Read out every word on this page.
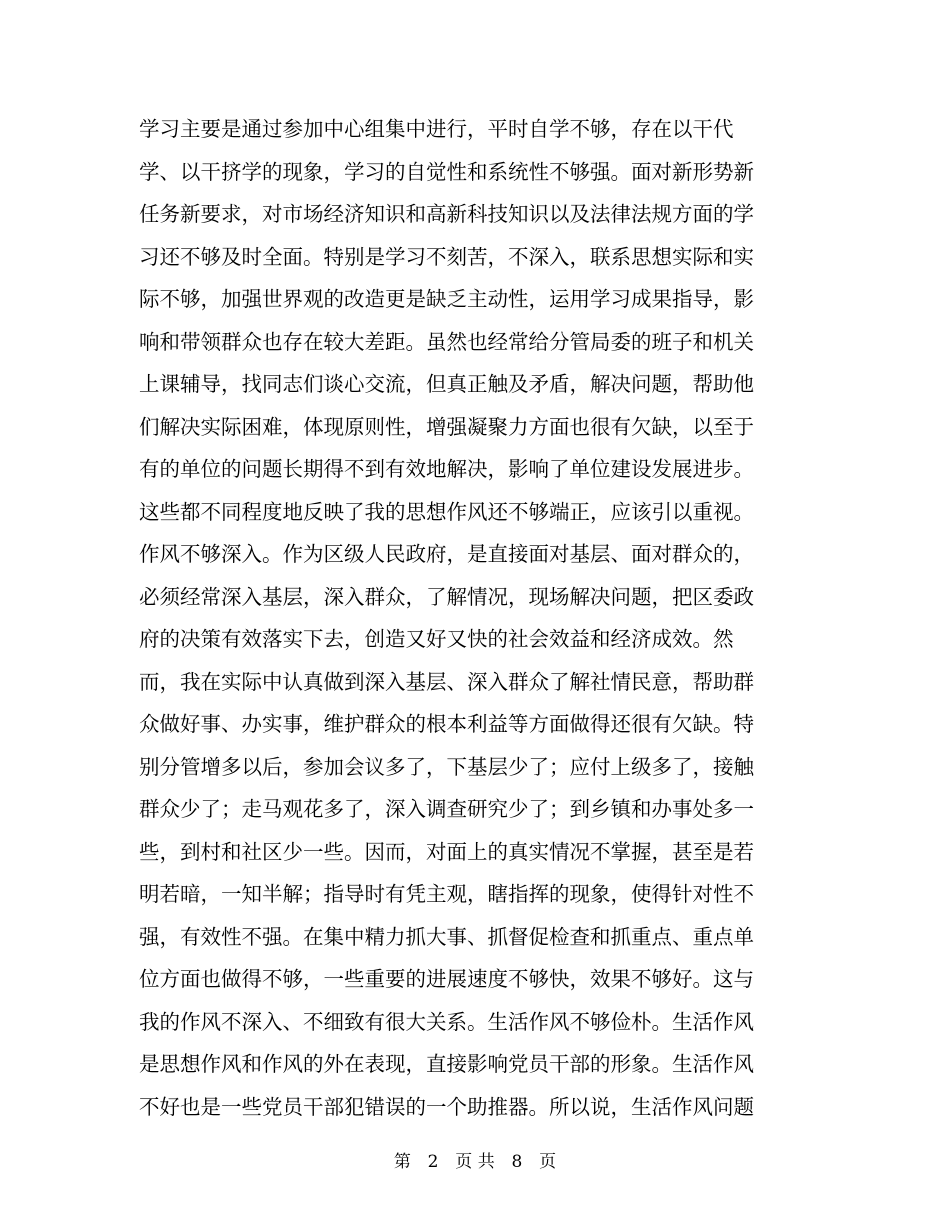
学习主要是通过参加中心组集中进行，平时自学不够，存在以干代
学、以干挤学的现象，学习的自觉性和系统性不够强。面对新形势新
任务新要求，对市场经济知识和高新科技知识以及法律法规方面的学
习还不够及时全面。特别是学习不刻苦，不深入，联系思想实际和实
际不够，加强世界观的改造更是缺乏主动性，运用学习成果指导，影
响和带领群众也存在较大差距。虽然也经常给分管局委的班子和机关
上课辅导，找同志们谈心交流，但真正触及矛盾，解决问题，帮助他
们解决实际困难，体现原则性，增强凝聚力方面也很有欠缺，以至于
有的单位的问题长期得不到有效地解决，影响了单位建设发展进步。
这些都不同程度地反映了我的思想作风还不够端正，应该引以重视。
作风不够深入。作为区级人民政府，是直接面对基层、面对群众的，
必须经常深入基层，深入群众，了解情况，现场解决问题，把区委政
府的决策有效落实下去，创造又好又快的社会效益和经济成效。然
而，我在实际中认真做到深入基层、深入群众了解社情民意，帮助群
众做好事、办实事，维护群众的根本利益等方面做得还很有欠缺。特
别分管增多以后，参加会议多了，下基层少了；应付上级多了，接触
群众少了；走马观花多了，深入调查研究少了；到乡镇和办事处多一
些，到村和社区少一些。因而，对面上的真实情况不掌握，甚至是若
明若暗，一知半解；指导时有凭主观，瞎指挥的现象，使得针对性不
强，有效性不强。在集中精力抓大事、抓督促检查和抓重点、重点单
位方面也做得不够，一些重要的进展速度不够快，效果不够好。这与
我的作风不深入、不细致有很大关系。生活作风不够俭朴。生活作风
是思想作风和作风的外在表现，直接影响党员干部的形象。生活作风
不好也是一些党员干部犯错误的一个助推器。所以说，生活作风问题
第 2 页 共 8 页
